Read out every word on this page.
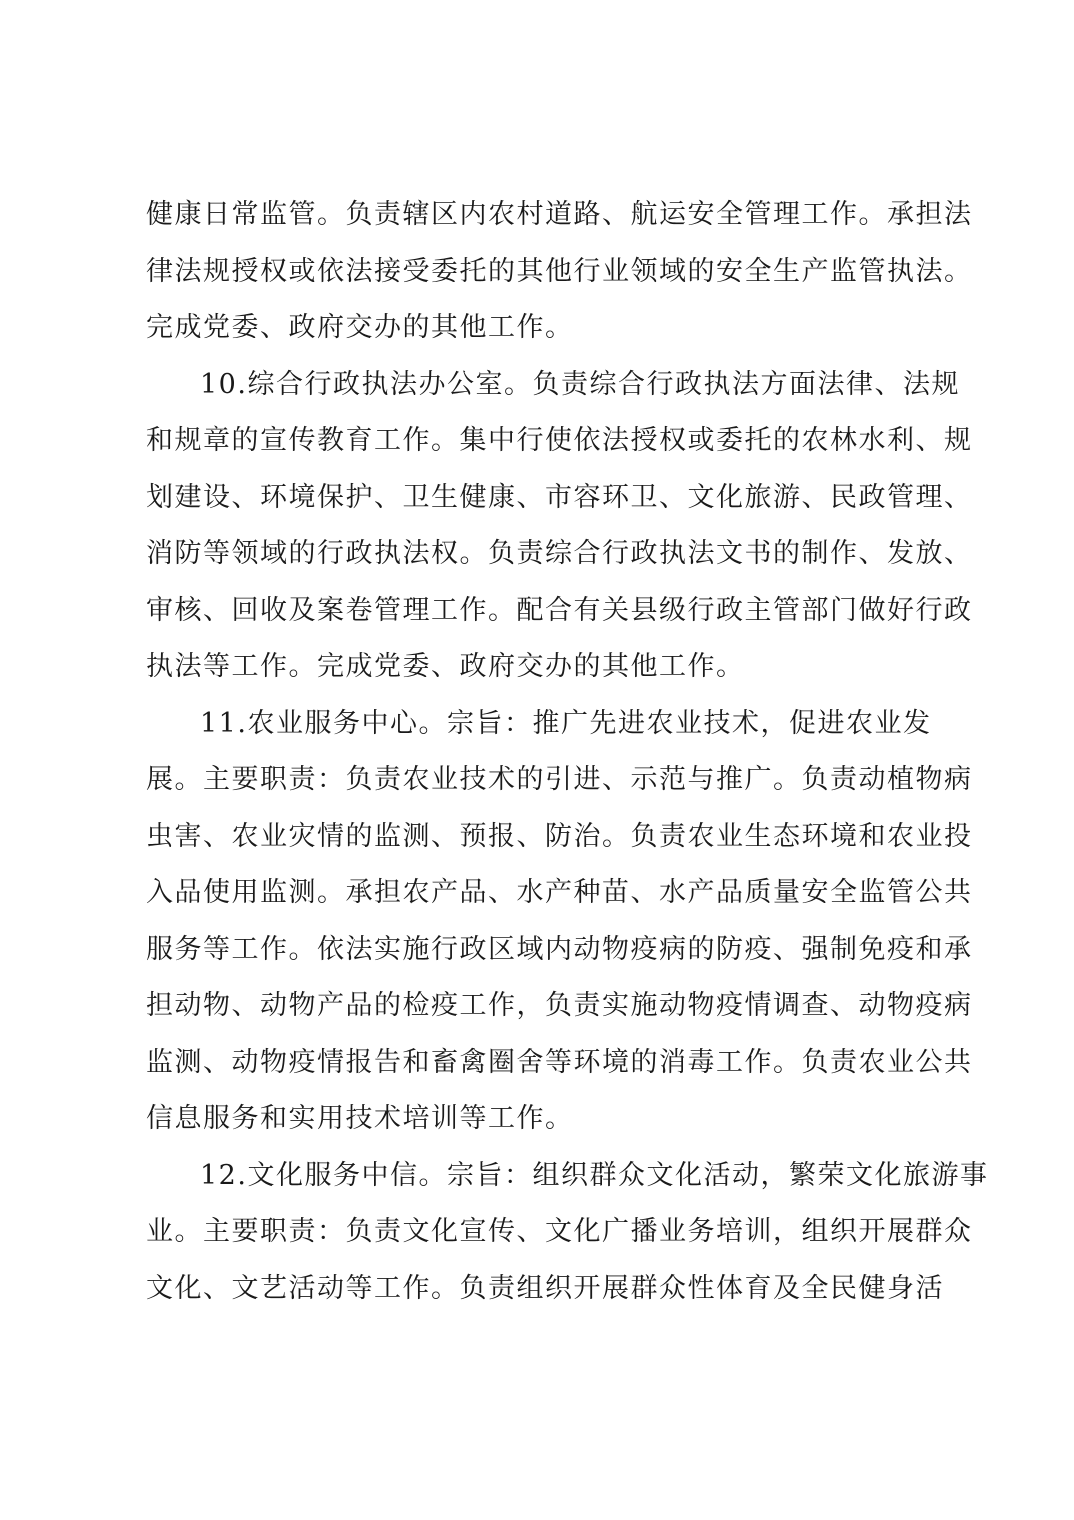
健康日常监管。负责辖区内农村道路、航运安全管理工作。承担法
律法规授权或依法接受委托的其他行业领域的安全生产监管执法。
完成党委、政府交办的其他工作。
10.综合行政执法办公室。负责综合行政执法方面法律、法规
和规章的宣传教育工作。集中行使依法授权或委托的农林水利、规
划建设、环境保护、卫生健康、市容环卫、文化旅游、民政管理、
消防等领域的行政执法权。负责综合行政执法文书的制作、发放、
审核、回收及案卷管理工作。配合有关县级行政主管部门做好行政
执法等工作。完成党委、政府交办的其他工作。
11.农业服务中心。宗旨：推广先进农业技术，促进农业发
展。主要职责：负责农业技术的引进、示范与推广。负责动植物病
虫害、农业灾情的监测、预报、防治。负责农业生态环境和农业投
入品使用监测。承担农产品、水产种苗、水产品质量安全监管公共
服务等工作。依法实施行政区域内动物疫病的防疫、强制免疫和承
担动物、动物产品的检疫工作，负责实施动物疫情调查、动物疫病
监测、动物疫情报告和畜禽圈舍等环境的消毒工作。负责农业公共
信息服务和实用技术培训等工作。
12.文化服务中信。宗旨：组织群众文化活动，繁荣文化旅游事
业。主要职责：负责文化宣传、文化广播业务培训，组织开展群众
文化、文艺活动等工作。负责组织开展群众性体育及全民健身活
